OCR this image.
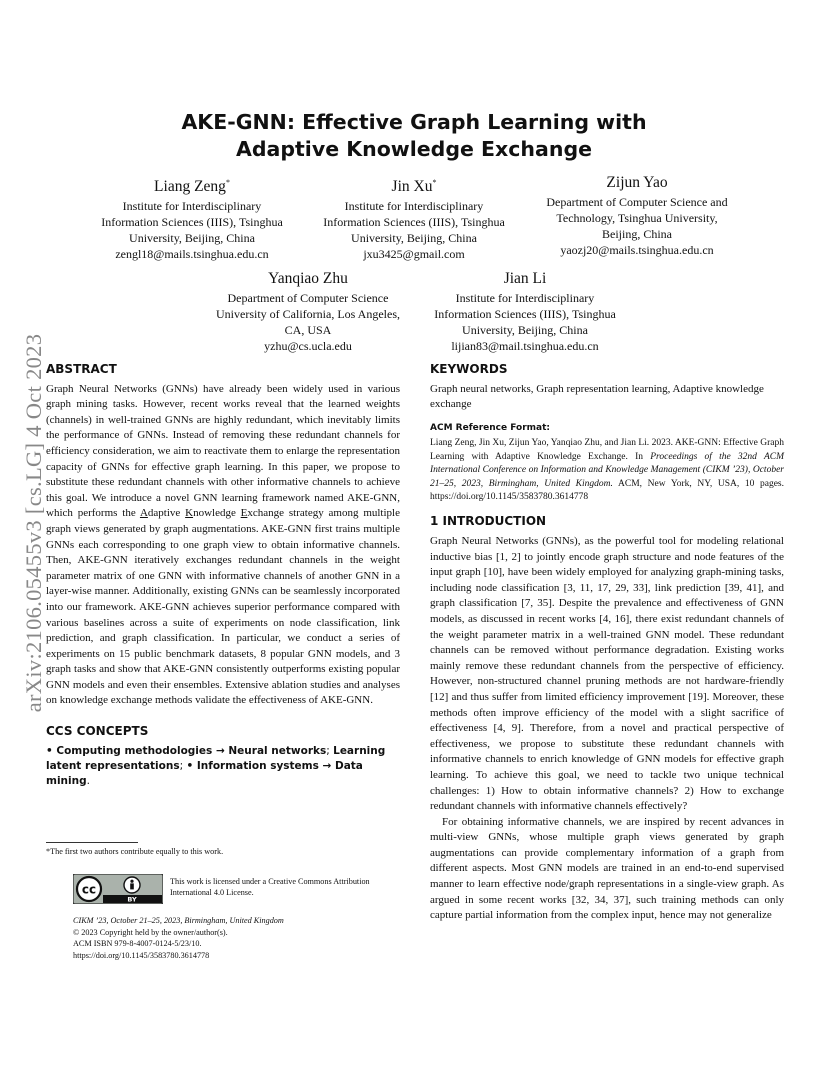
arXiv:2106.05455v3 [cs.LG] 4 Oct 2023
AKE-GNN: Effective Graph Learning with
Adaptive Knowledge Exchange
Liang Zeng*
Institute for Interdisciplinary
Information Sciences (IIIS), Tsinghua
University, Beijing, China
zengl18@mails.tsinghua.edu.cn
Jin Xu*
Institute for Interdisciplinary
Information Sciences (IIIS), Tsinghua
University, Beijing, China
jxu3425@gmail.com
Zijun Yao
Department of Computer Science and
Technology, Tsinghua University,
Beijing, China
yaozj20@mails.tsinghua.edu.cn
Yanqiao Zhu
Department of Computer Science
University of California, Los Angeles,
CA, USA
yzhu@cs.ucla.edu
Jian Li
Institute for Interdisciplinary
Information Sciences (IIIS), Tsinghua
University, Beijing, China
lijian83@mail.tsinghua.edu.cn
ABSTRACT

Graph Neural Networks (GNNs) have already been widely used in various graph mining tasks. However, recent works reveal that the learned weights (channels) in well-trained GNNs are highly redundant, which inevitably limits the performance of GNNs. Instead of removing these redundant channels for efficiency consideration, we aim to reactivate them to enlarge the representation capacity of GNNs for effective graph learning. In this paper, we propose to substitute these redundant channels with other informative channels to achieve this goal. We introduce a novel GNN learning framework named AKE-GNN, which performs the Adaptive Knowledge Exchange strategy among multiple graph views generated by graph augmentations. AKE-GNN first trains multiple GNNs each corresponding to one graph view to obtain informative channels. Then, AKE-GNN iteratively exchanges redundant channels in the weight parameter matrix of one GNN with informative channels of another GNN in a layer-wise manner. Additionally, existing GNNs can be seamlessly incorporated into our framework. AKE-GNN achieves superior performance compared with various baselines across a suite of experiments on node classification, link prediction, and graph classification. In particular, we conduct a series of experiments on 15 public benchmark datasets, 8 popular GNN models, and 3 graph tasks and show that AKE-GNN consistently outperforms existing popular GNN models and even their ensembles. Extensive ablation studies and analyses on knowledge exchange methods validate the effectiveness of AKE-GNN.

CCS CONCEPTS

• Computing methodologies → Neural networks; Learning latent representations; • Information systems → Data mining.

*The first two authors contribute equally to this work.
cc
BY
This work is licensed under a Creative Commons Attribution International 4.0 License.
CIKM ’23, October 21–25, 2023, Birmingham, United Kingdom
© 2023 Copyright held by the owner/author(s).
ACM ISBN 979-8-4007-0124-5/23/10.
https://doi.org/10.1145/3583780.3614778
KEYWORDS

Graph neural networks, Graph representation learning, Adaptive knowledge exchange

ACM Reference Format:

Liang Zeng, Jin Xu, Zijun Yao, Yanqiao Zhu, and Jian Li. 2023. AKE-GNN: Effective Graph Learning with Adaptive Knowledge Exchange. In Proceedings of the 32nd ACM International Conference on Information and Knowledge Management (CIKM ’23), October 21–25, 2023, Birmingham, United Kingdom. ACM, New York, NY, USA, 10 pages. https://doi.org/10.1145/3583780.3614778

1 INTRODUCTION

Graph Neural Networks (GNNs), as the powerful tool for modeling relational inductive bias [1, 2] to jointly encode graph structure and node features of the input graph [10], have been widely employed for analyzing graph-mining tasks, including node classification [3, 11, 17, 29, 33], link prediction [39, 41], and graph classification [7, 35]. Despite the prevalence and effectiveness of GNN models, as discussed in recent works [4, 16], there exist redundant channels of the weight parameter matrix in a well-trained GNN model. These redundant channels can be removed without performance degradation. Existing works mainly remove these redundant channels from the perspective of efficiency. However, non-structured channel pruning methods are not hardware-friendly [12] and thus suffer from limited efficiency improvement [19]. Moreover, these methods often improve efficiency of the model with a slight sacrifice of effectiveness [4, 9]. Therefore, from a novel and practical perspective of effectiveness, we propose to substitute these redundant channels with informative channels to enrich knowledge of GNN models for effective graph learning. To achieve this goal, we need to tackle two unique technical challenges: 1) How to obtain informative channels? 2) How to exchange redundant channels with informative channels effectively?

For obtaining informative channels, we are inspired by recent advances in multi-view GNNs, whose multiple graph views generated by graph augmentations can provide complementary information of a graph from different aspects. Most GNN models are trained in an end-to-end supervised manner to learn effective node/graph representations in a single-view graph. As argued in some recent works [32, 34, 37], such training methods can only capture partial information from the complex input, hence may not generalize
